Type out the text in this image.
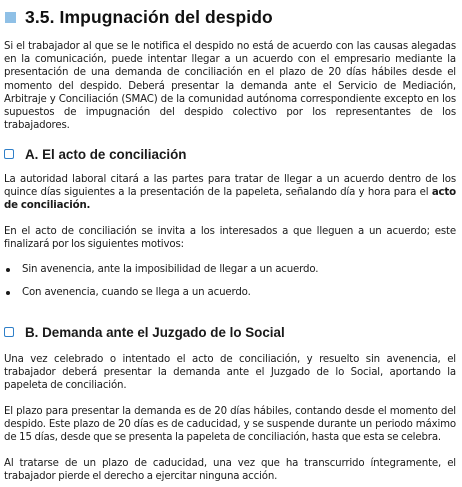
3.5. Impugnación del despido
Si el trabajador al que se le notifica el despido no está de acuerdo con las causas alegadas en la comunicación, puede intentar llegar a un acuerdo con el empresario mediante la presentación de una demanda de conciliación en el plazo de 20 días hábiles desde el momento del despido. Deberá presentar la demanda ante el Servicio de Mediación, Arbitraje y Conciliación (SMAC) de la comunidad autónoma correspondiente excepto en los supuestos de impugnación del despido colectivo por los representantes de los trabajadores.
A. El acto de conciliación
La autoridad laboral citará a las partes para tratar de llegar a un acuerdo dentro de los quince días siguientes a la presentación de la papeleta, señalando día y hora para el acto de conciliación.
En el acto de conciliación se invita a los interesados a que lleguen a un acuerdo; este finalizará por los siguientes motivos:
Sin avenencia, ante la imposibilidad de llegar a un acuerdo.
Con avenencia, cuando se llega a un acuerdo.
B. Demanda ante el Juzgado de lo Social
Una vez celebrado o intentado el acto de conciliación, y resuelto sin avenencia, el trabajador deberá presentar la demanda ante el Juzgado de lo Social, aportando la papeleta de conciliación.
El plazo para presentar la demanda es de 20 días hábiles, contando desde el momento del despido. Este plazo de 20 días es de caducidad, y se suspende durante un periodo máximo de 15 días, desde que se presenta la papeleta de conciliación, hasta que esta se celebra.
Al tratarse de un plazo de caducidad, una vez que ha transcurrido íntegramente, el trabajador pierde el derecho a ejercitar ninguna acción.
